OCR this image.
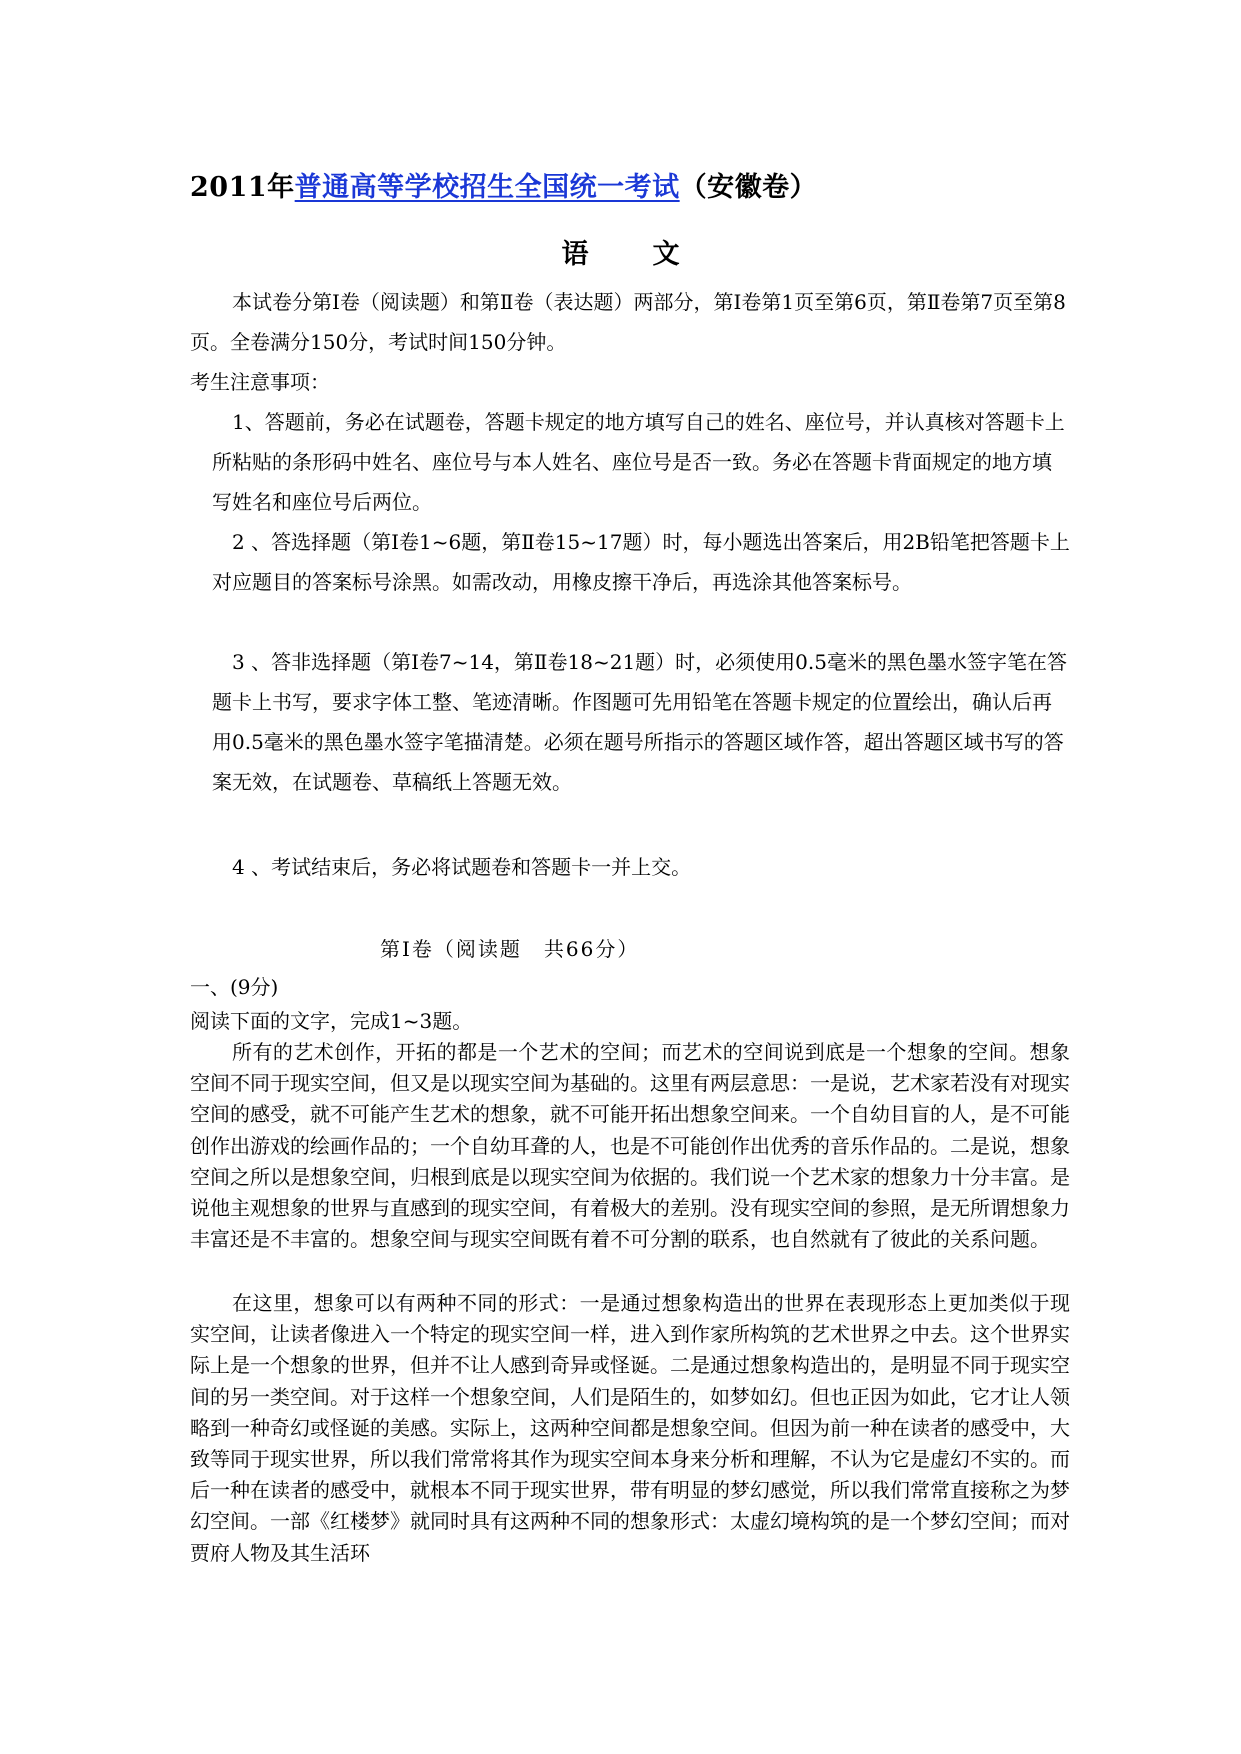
2011年普通高等学校招生全国统一考试（安徽卷）
语文
本试卷分第Ⅰ卷（阅读题）和第Ⅱ卷（表达题）两部分，第Ⅰ卷第1页至第6页，第Ⅱ卷第7页至第8页。全卷满分150分，考试时间150分钟。
考生注意事项：
1、答题前，务必在试题卷，答题卡规定的地方填写自己的姓名、座位号，并认真核对答题卡上所粘贴的条形码中姓名、座位号与本人姓名、座位号是否一致。务必在答题卡背面规定的地方填写姓名和座位号后两位。
2 、答选择题（第Ⅰ卷1~6题，第Ⅱ卷15~17题）时，每小题选出答案后，用2B铅笔把答题卡上对应题目的答案标号涂黑。如需改动，用橡皮擦干净后，再选涂其他答案标号。
3 、答非选择题（第Ⅰ卷7~14，第Ⅱ卷18~21题）时，必须使用0.5毫米的黑色墨水签字笔在答题卡上书写，要求字体工整、笔迹清晰。作图题可先用铅笔在答题卡规定的位置绘出，确认后再用0.5毫米的黑色墨水签字笔描清楚。必须在题号所指示的答题区域作答，超出答题区域书写的答案无效，在试题卷、草稿纸上答题无效。
4 、考试结束后，务必将试题卷和答题卡一并上交。
第Ⅰ卷（阅读题　共66分）
一、(9分)
阅读下面的文字，完成1~3题。
所有的艺术创作，开拓的都是一个艺术的空间；而艺术的空间说到底是一个想象的空间。想象空间不同于现实空间，但又是以现实空间为基础的。这里有两层意思：一是说，艺术家若没有对现实空间的感受，就不可能产生艺术的想象，就不可能开拓出想象空间来。一个自幼目盲的人，是不可能创作出游戏的绘画作品的；一个自幼耳聋的人，也是不可能创作出优秀的音乐作品的。二是说，想象空间之所以是想象空间，归根到底是以现实空间为依据的。我们说一个艺术家的想象力十分丰富。是说他主观想象的世界与直感到的现实空间，有着极大的差别。没有现实空间的参照，是无所谓想象力丰富还是不丰富的。想象空间与现实空间既有着不可分割的联系，也自然就有了彼此的关系问题。
在这里，想象可以有两种不同的形式：一是通过想象构造出的世界在表现形态上更加类似于现实空间，让读者像进入一个特定的现实空间一样，进入到作家所构筑的艺术世界之中去。这个世界实际上是一个想象的世界，但并不让人感到奇异或怪诞。二是通过想象构造出的，是明显不同于现实空间的另一类空间。对于这样一个想象空间，人们是陌生的，如梦如幻。但也正因为如此，它才让人领略到一种奇幻或怪诞的美感。实际上，这两种空间都是想象空间。但因为前一种在读者的感受中，大致等同于现实世界，所以我们常常将其作为现实空间本身来分析和理解，不认为它是虚幻不实的。而后一种在读者的感受中，就根本不同于现实世界，带有明显的梦幻感觉，所以我们常常直接称之为梦幻空间。一部《红楼梦》就同时具有这两种不同的想象形式：太虚幻境构筑的是一个梦幻空间；而对贾府人物及其生活环
